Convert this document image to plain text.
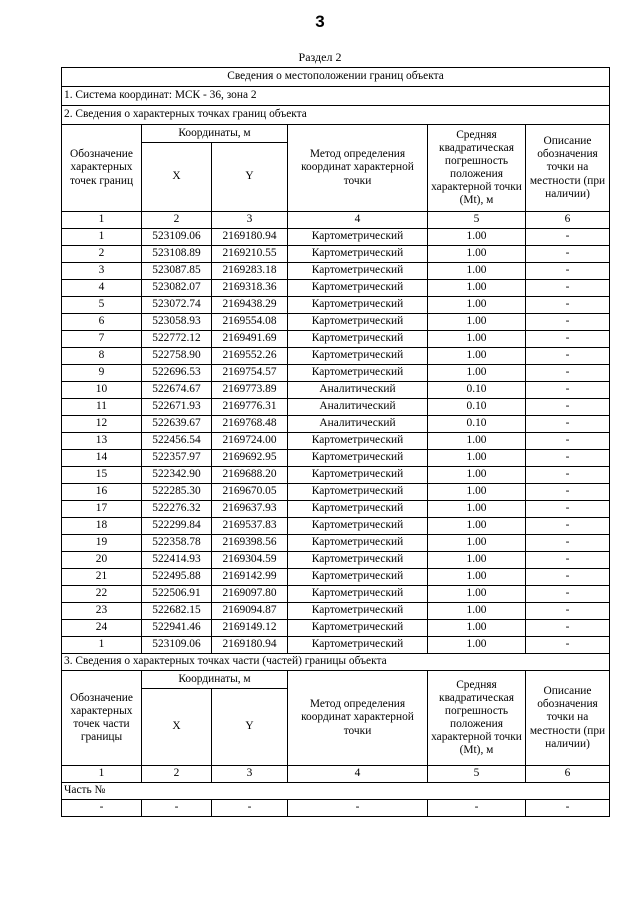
3
Раздел 2
Сведения о местоположении границ объекта					
1. Система координат: МСК - 36, зона 2					
2. Сведения о характерных точках границ объекта					
Обозначение характерных точек границ	Координаты, м		Метод определения координат характерной точки	Средняя квадратическая погрешность положения характерной точки (Mt), м	Описание обозначения точки на местности (при наличии)
	X	Y			
1	2	3	4	5	6
1	523109.06	2169180.94	Картометрический	1.00	-
2	523108.89	2169210.55	Картометрический	1.00	-
3	523087.85	2169283.18	Картометрический	1.00	-
4	523082.07	2169318.36	Картометрический	1.00	-
5	523072.74	2169438.29	Картометрический	1.00	-
6	523058.93	2169554.08	Картометрический	1.00	-
7	522772.12	2169491.69	Картометрический	1.00	-
8	522758.90	2169552.26	Картометрический	1.00	-
9	522696.53	2169754.57	Картометрический	1.00	-
10	522674.67	2169773.89	Аналитический	0.10	-
11	522671.93	2169776.31	Аналитический	0.10	-
12	522639.67	2169768.48	Аналитический	0.10	-
13	522456.54	2169724.00	Картометрический	1.00	-
14	522357.97	2169692.95	Картометрический	1.00	-
15	522342.90	2169688.20	Картометрический	1.00	-
16	522285.30	2169670.05	Картометрический	1.00	-
17	522276.32	2169637.93	Картометрический	1.00	-
18	522299.84	2169537.83	Картометрический	1.00	-
19	522358.78	2169398.56	Картометрический	1.00	-
20	522414.93	2169304.59	Картометрический	1.00	-
21	522495.88	2169142.99	Картометрический	1.00	-
22	522506.91	2169097.80	Картометрический	1.00	-
23	522682.15	2169094.87	Картометрический	1.00	-
24	522941.46	2169149.12	Картометрический	1.00	-
1	523109.06	2169180.94	Картометрический	1.00	-
3. Сведения о характерных точках части (частей) границы объекта					
Обозначение характерных точек части границы	Координаты, м		Метод определения координат характерной точки	Средняя квадратическая погрешность положения характерной точки (Mt), м	Описание обозначения точки на местности (при наличии)
	X	Y			
1	2	3	4	5	6
Часть №					
-	-	-	-	-	-
